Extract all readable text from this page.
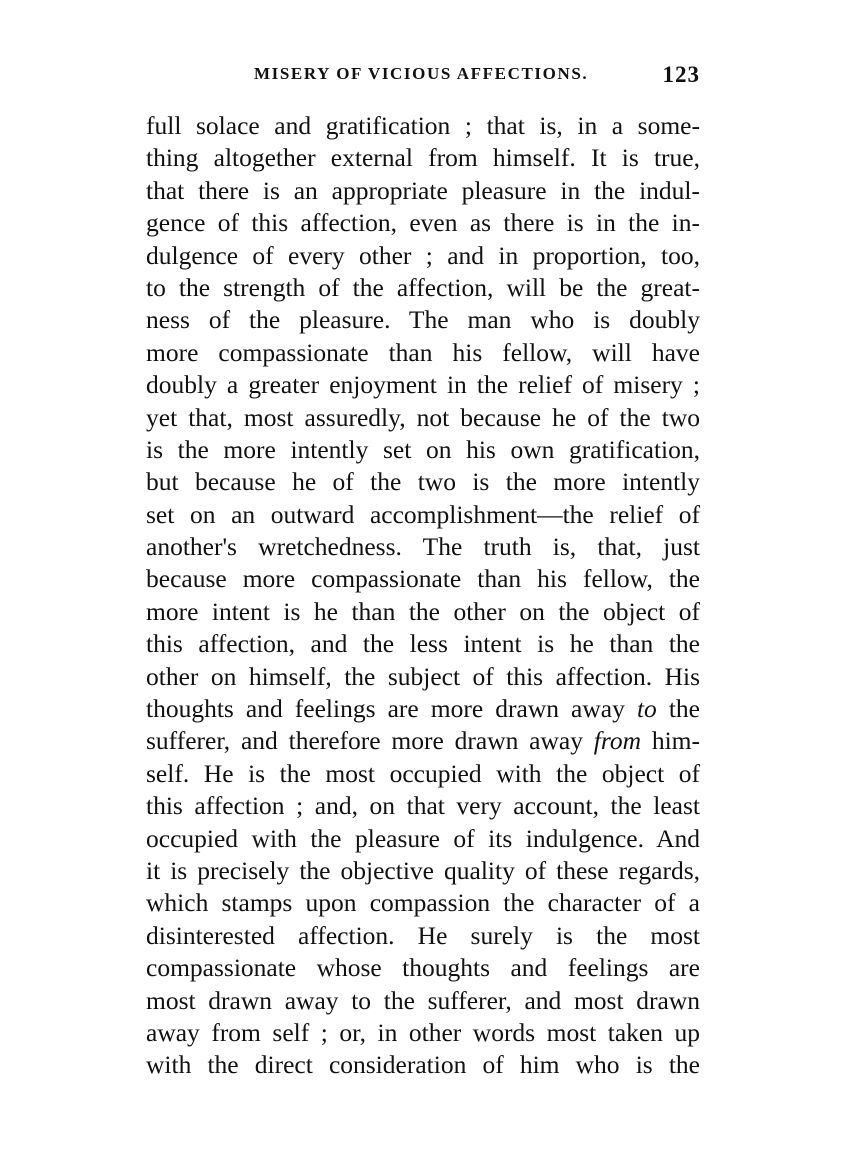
MISERY OF VICIOUS AFFECTIONS.	123
full solace and gratification ; that is, in a some-
thing altogether external from himself. It is true,
that there is an appropriate pleasure in the indul-
gence of this affection, even as there is in the in-
dulgence of every other ; and in proportion, too,
to the strength of the affection, will be the great-
ness of the pleasure. The man who is doubly
more compassionate than his fellow, will have
doubly a greater enjoyment in the relief of misery ;
yet that, most assuredly, not because he of the two
is the more intently set on his own gratification,
but because he of the two is the more intently
set on an outward accomplishment—the relief of
another's wretchedness. The truth is, that, just
because more compassionate than his fellow, the
more intent is he than the other on the object of
this affection, and the less intent is he than the
other on himself, the subject of this affection. His
thoughts and feelings are more drawn away to the
sufferer, and therefore more drawn away from him-
self. He is the most occupied with the object of
this affection ; and, on that very account, the least
occupied with the pleasure of its indulgence. And
it is precisely the objective quality of these regards,
which stamps upon compassion the character of a
disinterested affection. He surely is the most
compassionate whose thoughts and feelings are
most drawn away to the sufferer, and most drawn
away from self ; or, in other words most taken up
with the direct consideration of him who is the
